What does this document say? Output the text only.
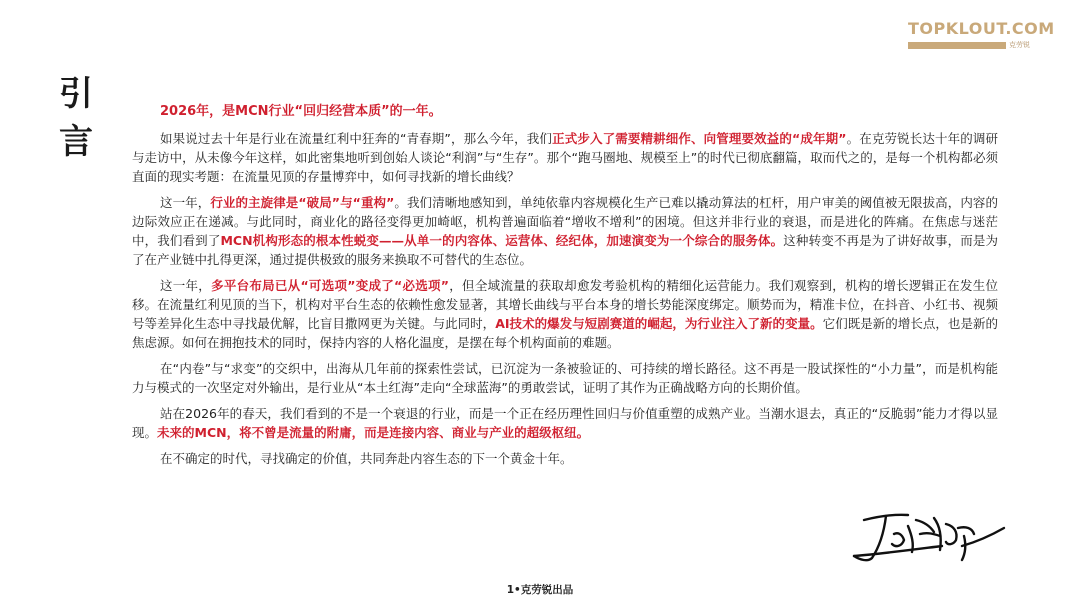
TOPKLOUT.COM
克劳锐
引
言

2026年，是MCN行业“回归经营本质”的一年。

如果说过去十年是行业在流量红利中狂奔的“青春期”，那么今年，我们正式步入了需要精耕细作、向管理要效益的“成年期”。在克劳锐长达十年的调研与走访中，从未像今年这样，如此密集地听到创始人谈论“利润”与“生存”。那个“跑马圈地、规模至上”的时代已彻底翻篇，取而代之的，是每一个机构都必须直面的现实考题：在流量见顶的存量博弈中，如何寻找新的增长曲线？

这一年，行业的主旋律是“破局”与“重构”。我们清晰地感知到，单纯依靠内容规模化生产已难以撬动算法的杠杆，用户审美的阈值被无限拔高，内容的边际效应正在递减。与此同时，商业化的路径变得更加崎岖，机构普遍面临着“增收不增利”的困境。但这并非行业的衰退，而是进化的阵痛。在焦虑与迷茫中，我们看到了MCN机构形态的根本性蜕变——从单一的内容体、运营体、经纪体，加速演变为一个综合的服务体。这种转变不再是为了讲好故事，而是为了在产业链中扎得更深，通过提供极致的服务来换取不可替代的生态位。

这一年，多平台布局已从“可选项”变成了“必选项”，但全域流量的获取却愈发考验机构的精细化运营能力。我们观察到，机构的增长逻辑正在发生位移。在流量红利见顶的当下，机构对平台生态的依赖性愈发显著，其增长曲线与平台本身的增长势能深度绑定。顺势而为，精准卡位，在抖音、小红书、视频号等差异化生态中寻找最优解，比盲目撒网更为关键。与此同时，AI技术的爆发与短剧赛道的崛起，为行业注入了新的变量。它们既是新的增长点，也是新的焦虑源。如何在拥抱技术的同时，保持内容的人格化温度，是摆在每个机构面前的难题。

在“内卷”与“求变”的交织中，出海从几年前的探索性尝试，已沉淀为一条被验证的、可持续的增长路径。这不再是一股试探性的“小力量”，而是机构能力与模式的一次坚定对外输出，是行业从“本土红海”走向“全球蓝海”的勇敢尝试，证明了其作为正确战略方向的长期价值。

站在2026年的春天，我们看到的不是一个衰退的行业，而是一个正在经历理性回归与价值重塑的成熟产业。当潮水退去，真正的“反脆弱”能力才得以显现。未来的MCN，将不曾是流量的附庸，而是连接内容、商业与产业的超级枢纽。

在不确定的时代，寻找确定的价值，共同奔赴内容生态的下一个黄金十年。

1•克劳锐出品
